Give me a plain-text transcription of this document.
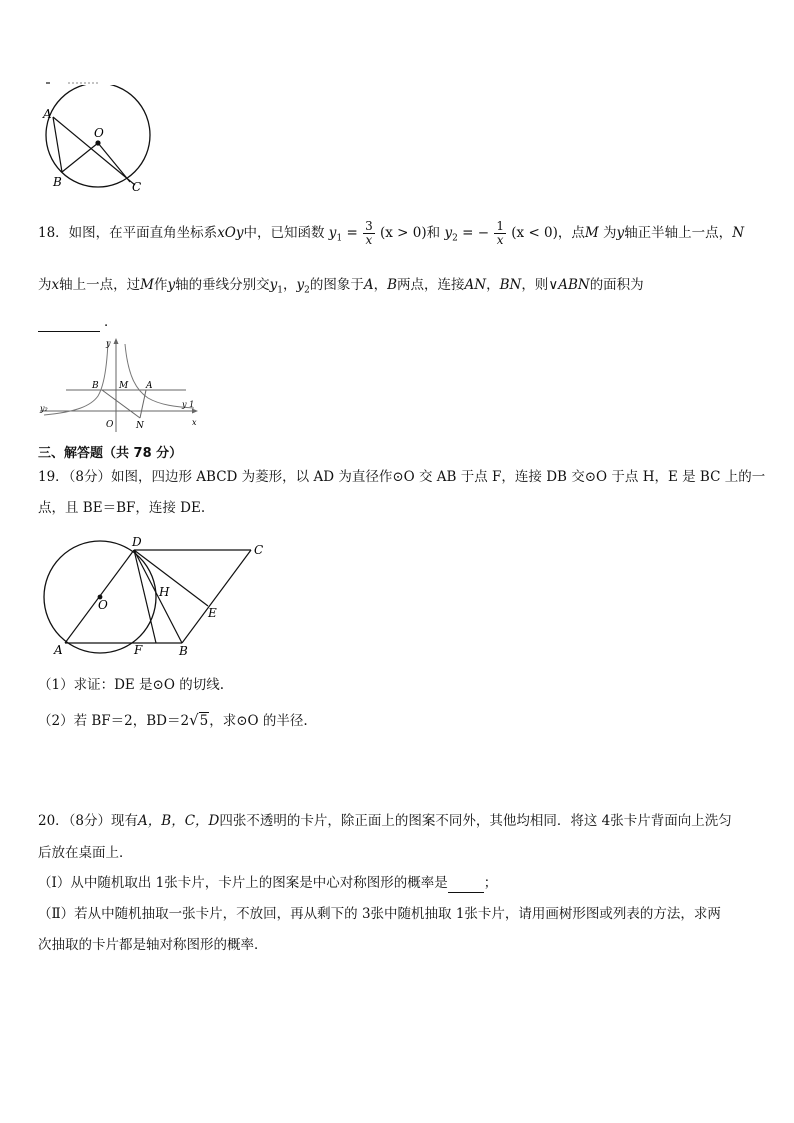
A
O
B	C
18．如图，在平面直角坐标系xOy中，已知函数 $y_1 = \frac{3}{x} (x > 0)$和 $y_2$ = − $\frac{1}{x} (x < 0)$，点M 为y轴正半轴上一点，N
为x轴上一点，过M作y轴的垂线分别交$y_1$，$y_2$的图象于A，B两点，连接AN，BN，则∨ABN的面积为
．
y
B M A
y₂	y 1
O	N	x
三、解答题（共 78 分）
19．（8分）如图，四边形 ABCD 为菱形，以 AD 为直径作⊙O 交 AB 于点 F，连接 DB 交⊙O 于点 H，E 是 BC 上的一
点，且 BE＝BF，连接 DE.
D
C
H
O
E
A	F	B
（1）求证：DE 是⊙O 的切线.
（2）若 BF＝2，BD＝2√5，求⊙O 的半径.
20．（8分）现有A，B，C，D四张不透明的卡片，除正面上的图案不同外，其他均相同．将这 4张卡片背面向上洗匀
后放在桌面上．
（Ⅰ）从中随机取出 1张卡片，卡片上的图案是中心对称图形的概率是	；
（Ⅱ）若从中随机抽取一张卡片，不放回，再从剩下的 3张中随机抽取 1张卡片，请用画树形图或列表的方法，求两
次抽取的卡片都是轴对称图形的概率．
